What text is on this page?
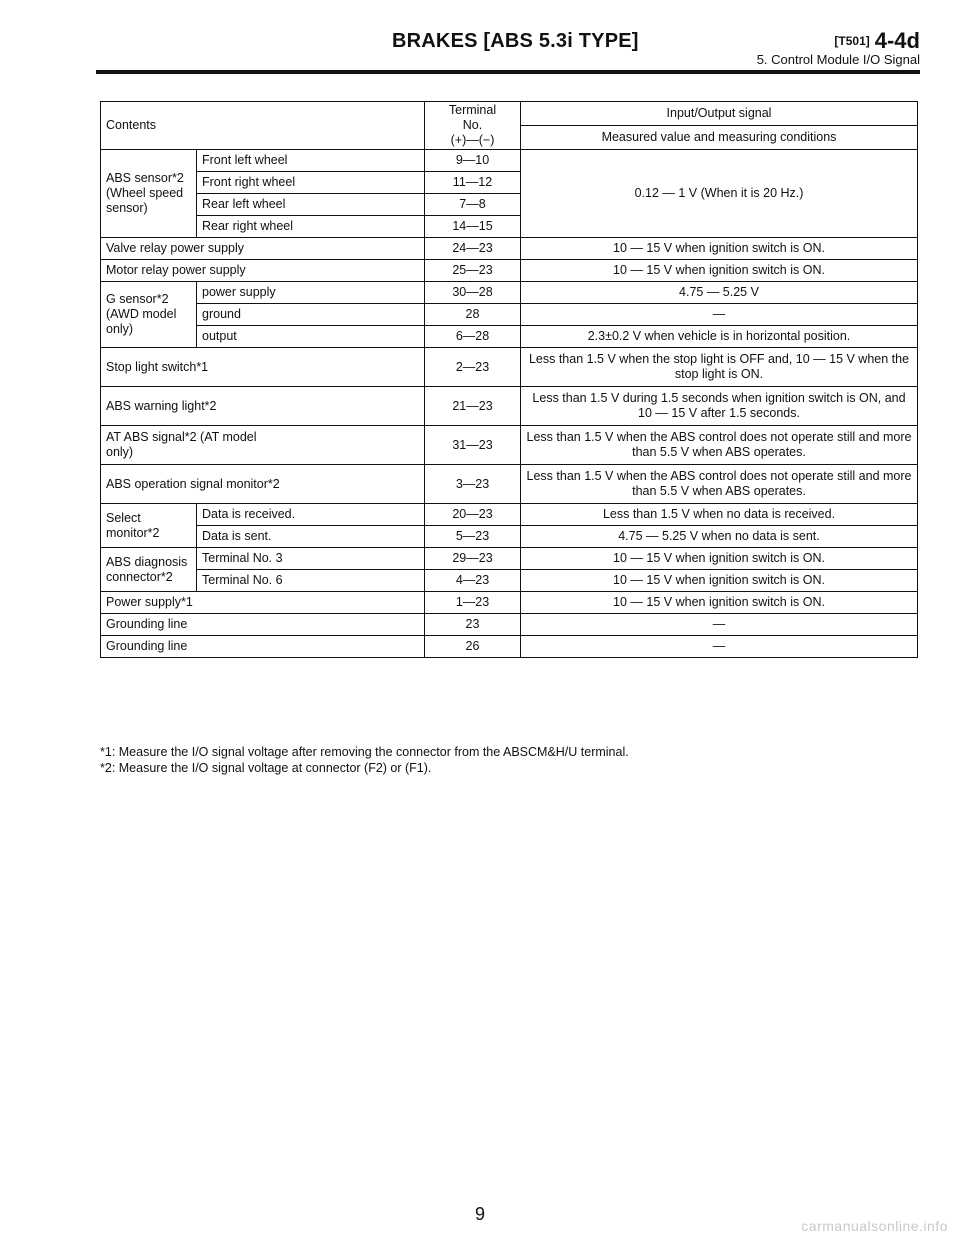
BRAKES [ABS 5.3i TYPE]	[T501] 4-4d
5. Control Module I/O Signal
Contents		Terminal
No.
(+)—(−)	Input/Output signal
			Measured value and measuring conditions
ABS sensor*2 (Wheel speed sensor)	Front left wheel	9—10	0.12 — 1 V (When it is 20 Hz.)
	Front right wheel	11—12	
	Rear left wheel	7—8	
	Rear right wheel	14—15	
Valve relay power supply		24—23	10 — 15 V when ignition switch is ON.
Motor relay power supply		25—23	10 — 15 V when ignition switch is ON.
G sensor*2 (AWD model only)	power supply	30—28	4.75 — 5.25 V
	ground	28	—
	output	6—28	2.3±0.2 V when vehicle is in horizontal position.
Stop light switch*1		2—23	Less than 1.5 V when the stop light is OFF and, 10 — 15 V when the stop light is ON.
ABS warning light*2		21—23	Less than 1.5 V during 1.5 seconds when ignition switch is ON, and 10 — 15 V after 1.5 seconds.
AT ABS signal*2 (AT model only)		31—23	Less than 1.5 V when the ABS control does not operate still and more than 5.5 V when ABS operates.
ABS operation signal monitor*2		3—23	Less than 1.5 V when the ABS control does not operate still and more than 5.5 V when ABS operates.
Select monitor*2	Data is received.	20—23	Less than 1.5 V when no data is received.
	Data is sent.	5—23	4.75 — 5.25 V when no data is sent.
ABS diagnosis connector*2	Terminal No. 3	29—23	10 — 15 V when ignition switch is ON.
	Terminal No. 6	4—23	10 — 15 V when ignition switch is ON.
Power supply*1		1—23	10 — 15 V when ignition switch is ON.
Grounding line		23	—
Grounding line		26	—
*1: Measure the I/O signal voltage after removing the connector from the ABSCM&H/U terminal.
*2: Measure the I/O signal voltage at connector (F2) or (F1).
9
carmanualsonline.info
